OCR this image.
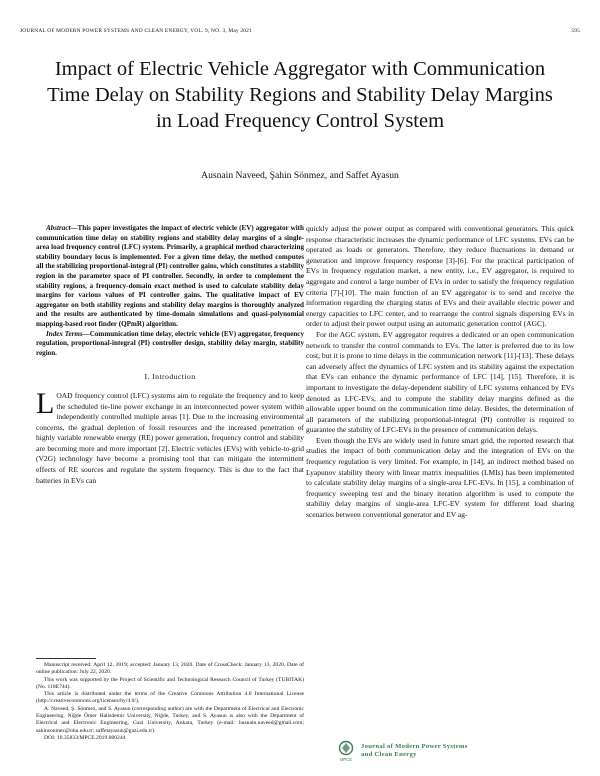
JOURNAL OF MODERN POWER SYSTEMS AND CLEAN ENERGY, VOL. 9, NO. 3, May 2021	595
Impact of Electric Vehicle Aggregator with Communication Time Delay on Stability Regions and Stability Delay Margins in Load Frequency Control System
Ausnain Naveed, Şahin Sönmez, and Saffet Ayasun

Abstract—This paper investigates the impact of electric vehicle (EV) aggregator with communication time delay on stability regions and stability delay margins of a single-area load frequency control (LFC) system. Primarily, a graphical method characterizing stability boundary locus is implemented. For a given time delay, the method computes all the stabilizing proportional-integral (PI) controller gains, which constitutes a stability region in the parameter space of PI controller. Secondly, in order to complement the stability regions, a frequency-domain exact method is used to calculate stability delay margins for various values of PI controller gains. The qualitative impact of EV aggregator on both stability regions and stability delay margins is thoroughly analyzed and the results are authenticated by time-domain simulations and quasi-polynomial mapping-based root finder (QPmR) algorithm.

Index Terms—Communication time delay, electric vehicle (EV) aggregator, frequency regulation, proportional-integral (PI) controller design, stability delay margin, stability region.

I. Introduction

LOAD frequency control (LFC) systems aim to regulate the frequency and to keep the scheduled tie-line power exchange in an interconnected power system within independently controlled multiple areas [1]. Due to the increasing environmental concerns, the gradual depletion of fossil resources and the increased penetration of highly variable renewable energy (RE) power generation, frequency control and stability are becoming more and more important [2]. Electric vehicles (EVs) with vehicle-to-grid (V2G) technology have become a promising tool that can mitigate the intermittent effects of RE sources and regulate the system frequency. This is due to the fact that batteries in EVs can

quickly adjust the power output as compared with conventional generators. This quick response characteristic increases the dynamic performance of LFC systems. EVs can be operated as loads or generators. Therefore, they reduce fluctuations in demand or generation and improve frequency response [3]-[6]. For the practical participation of EVs in frequency regulation market, a new entity, i.e., EV aggregator, is required to aggregate and control a large number of EVs in order to satisfy the frequency regulation criteria [7]-[10]. The main function of an EV aggregator is to send and receive the information regarding the charging status of EVs and their available electric power and energy capacities to LFC center, and to rearrange the control signals dispersing EVs in order to adjust their power output using an automatic generation control (AGC).

For the AGC system, EV aggregator requires a dedicated or an open communication network to transfer the control commands to EVs. The latter is preferred due to its low cost, but it is prone to time delays in the communication network [11]-[13]. These delays can adversely affect the dynamics of LFC system and its stability against the expectation that EVs can enhance the dynamic performance of LFC [14], [15]. Therefore, it is important to investigate the delay-dependent stability of LFC systems enhanced by EVs denoted as LFC-EVs, and to compute the stability delay margins defined as the allowable upper bound on the communication time delay. Besides, the determination of all parameters of the stabilizing proportional-integral (PI) controller is required to guarantee the stability of LFC-EVs in the presence of communication delays.

Even though the EVs are widely used in future smart grid, the reported research that studies the impact of both communication delay and the integration of EVs on the frequency regulation is very limited. For example, in [14], an indirect method based on Lyapunov stability theory with linear matrix inequalities (LMIs) has been implemented to calculate stability delay margins of a single-area LFC-EVs. In [15], a combination of frequency sweeping test and the binary iteration algorithm is used to compute the stability delay margins of single-area LFC-EV system for different load sharing scenarios between conventional generator and EV ag-

Manuscript received: April 12, 2019; accepted: January 13, 2020. Date of CrossCheck: January 13, 2020. Date of online publication: July 22, 2020.

This work was supported by the Project of Scientific and Technological Research Council of Turkey (TUBITAK) (No. 118E744).

This article is distributed under the terms of the Creative Commons Attribution 4.0 International License (http://creativecommons.org/licenses/by/4.0/).

A. Naveed, Ş. Sönmez, and S. Ayasun (corresponding author) are with the Department of Electrical and Electronic Engineering, Niğde Ömer Halisdemir University, Niğde, Turkey, and S. Ayasun is also with the Department of Electrical and Electronic Engineering, Gazi University, Ankara, Turkey (e-mail: husnain.naveed@gmail.com; sahinsonmez@ohu.edu.tr; saffetayasun@gazi.edu.tr).

DOI: 10.35833/MPCE.2019.000244

MPCE
Journal of Modern Power Systems
and Clean Energy
